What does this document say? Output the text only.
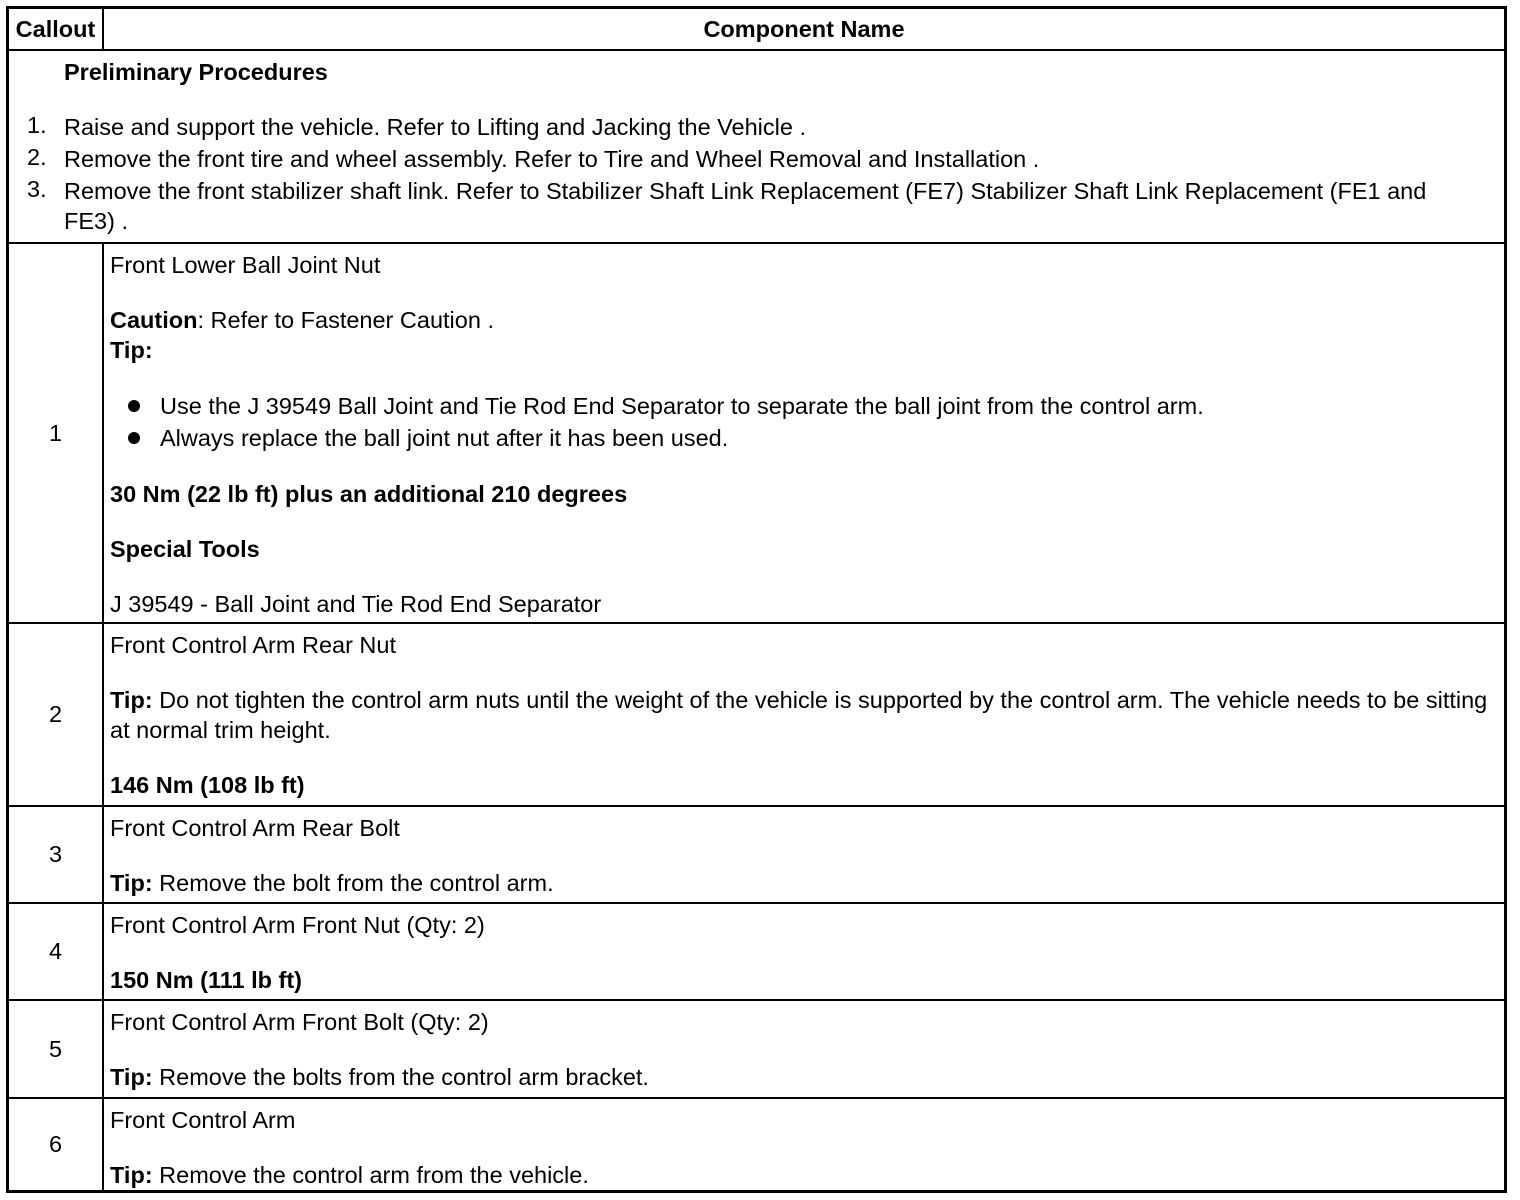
Callout	Component Name

Preliminary Procedures

1. Raise and support the vehicle. Refer to Lifting and Jacking the Vehicle .
2. Remove the front tire and wheel assembly. Refer to Tire and Wheel Removal and Installation .
3. Remove the front stabilizer shaft link. Refer to Stabilizer Shaft Link Replacement (FE7) Stabilizer Shaft Link Replacement (FE1 and FE3) .
1

Front Lower Ball Joint Nut

Caution: Refer to Fastener Caution .

Tip:

Use the J 39549 Ball Joint and Tie Rod End Separator to separate the ball joint from the control arm.
Always replace the ball joint nut after it has been used.

30 Nm (22 lb ft) plus an additional 210 degrees

Special Tools

J 39549 - Ball Joint and Tie Rod End Separator

2

Front Control Arm Rear Nut

Tip: Do not tighten the control arm nuts until the weight of the vehicle is supported by the control arm. The vehicle needs to be sitting at normal trim height.

146 Nm (108 lb ft)

3

Front Control Arm Rear Bolt

Tip: Remove the bolt from the control arm.

4

Front Control Arm Front Nut (Qty: 2)

150 Nm (111 lb ft)

5

Front Control Arm Front Bolt (Qty: 2)

Tip: Remove the bolts from the control arm bracket.

6

Front Control Arm

Tip: Remove the control arm from the vehicle.
